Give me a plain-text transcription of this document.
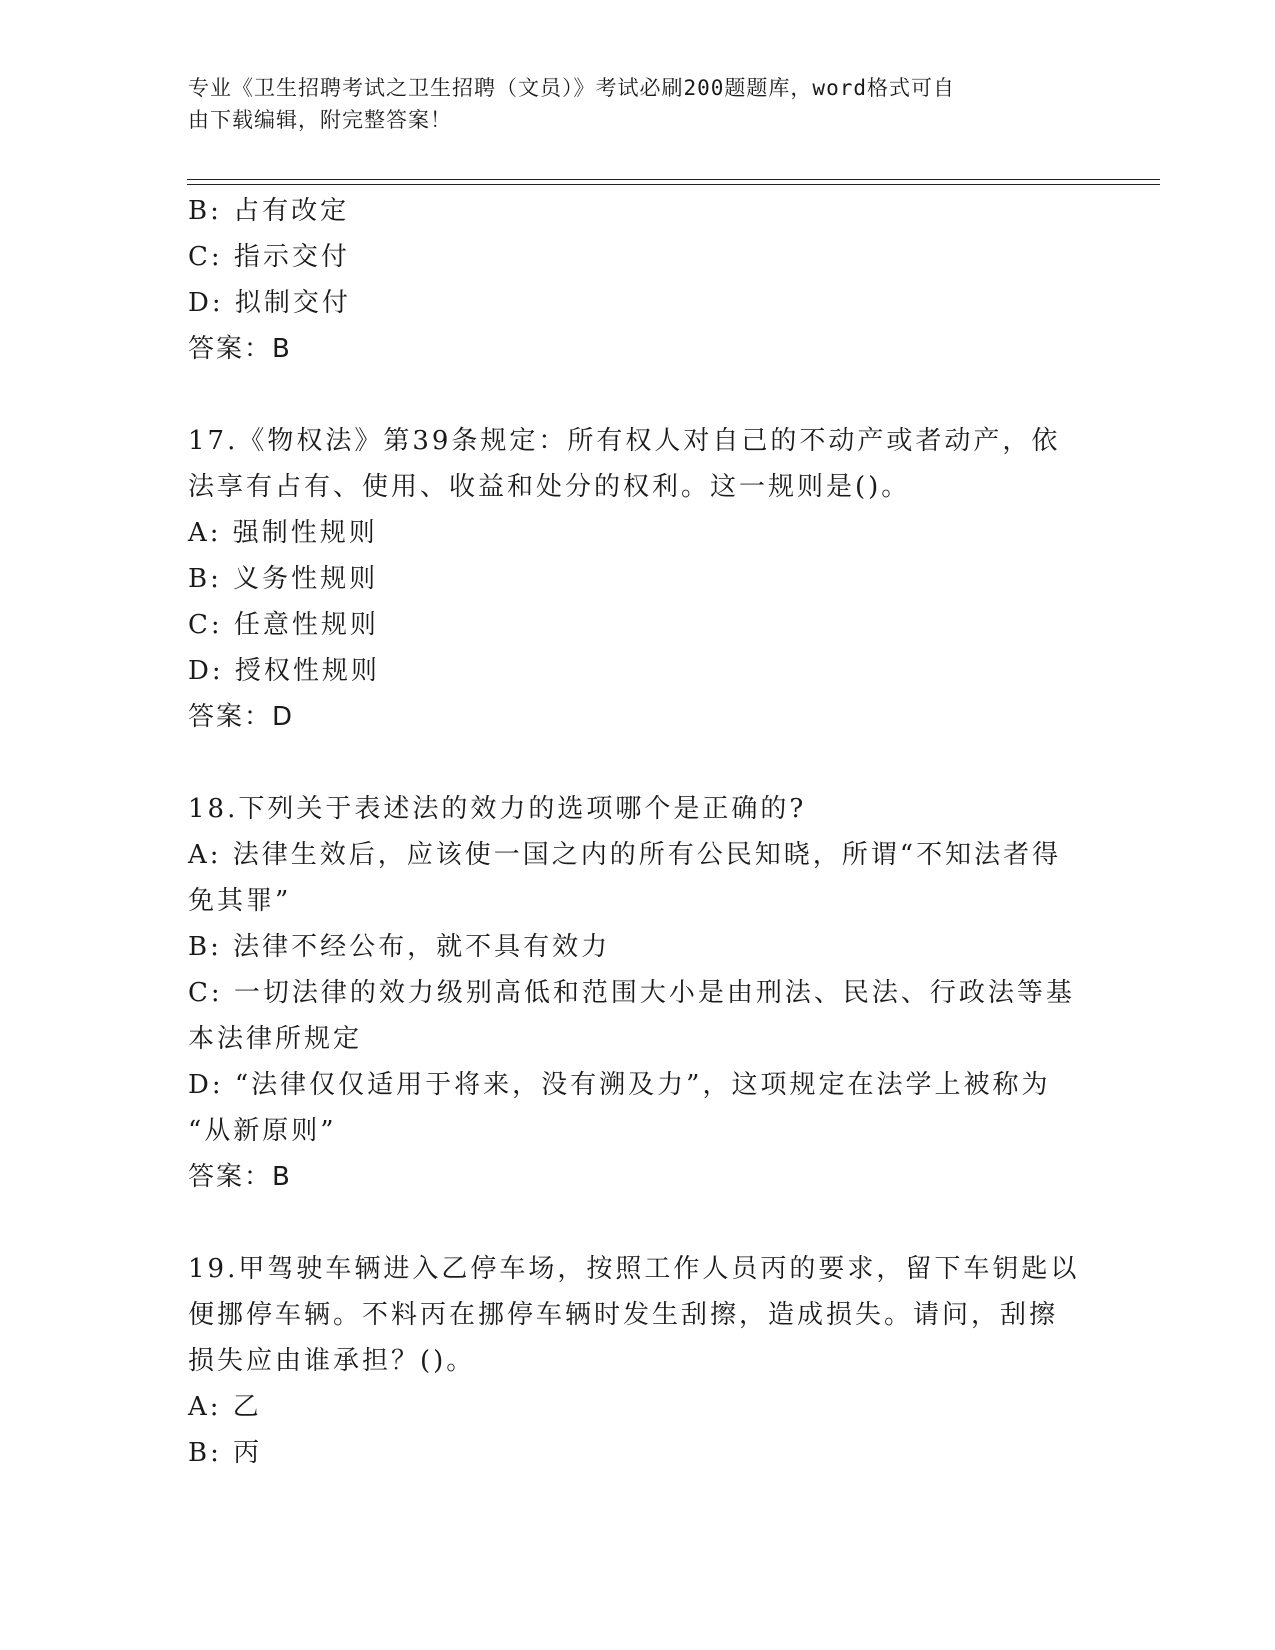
专业《卫生招聘考试之卫生招聘（文员）》考试必刷200题题库，word格式可自
由下载编辑，附完整答案！
B: 占有改定
C: 指示交付
D: 拟制交付
答案：B
17.《物权法》第39条规定：所有权人对自己的不动产或者动产，依
法享有占有、使用、收益和处分的权利。这一规则是()。
A: 强制性规则
B: 义务性规则
C: 任意性规则
D: 授权性规则
答案：D
18.下列关于表述法的效力的选项哪个是正确的?
A: 法律生效后，应该使一国之内的所有公民知晓，所谓“不知法者得
免其罪”
B: 法律不经公布，就不具有效力
C: 一切法律的效力级别高低和范围大小是由刑法、民法、行政法等基
本法律所规定
D: “法律仅仅适用于将来，没有溯及力”，这项规定在法学上被称为
“从新原则”
答案：B
19.甲驾驶车辆进入乙停车场，按照工作人员丙的要求，留下车钥匙以
便挪停车辆。不料丙在挪停车辆时发生刮擦，造成损失。请问，刮擦
损失应由谁承担？()。
A: 乙
B: 丙
